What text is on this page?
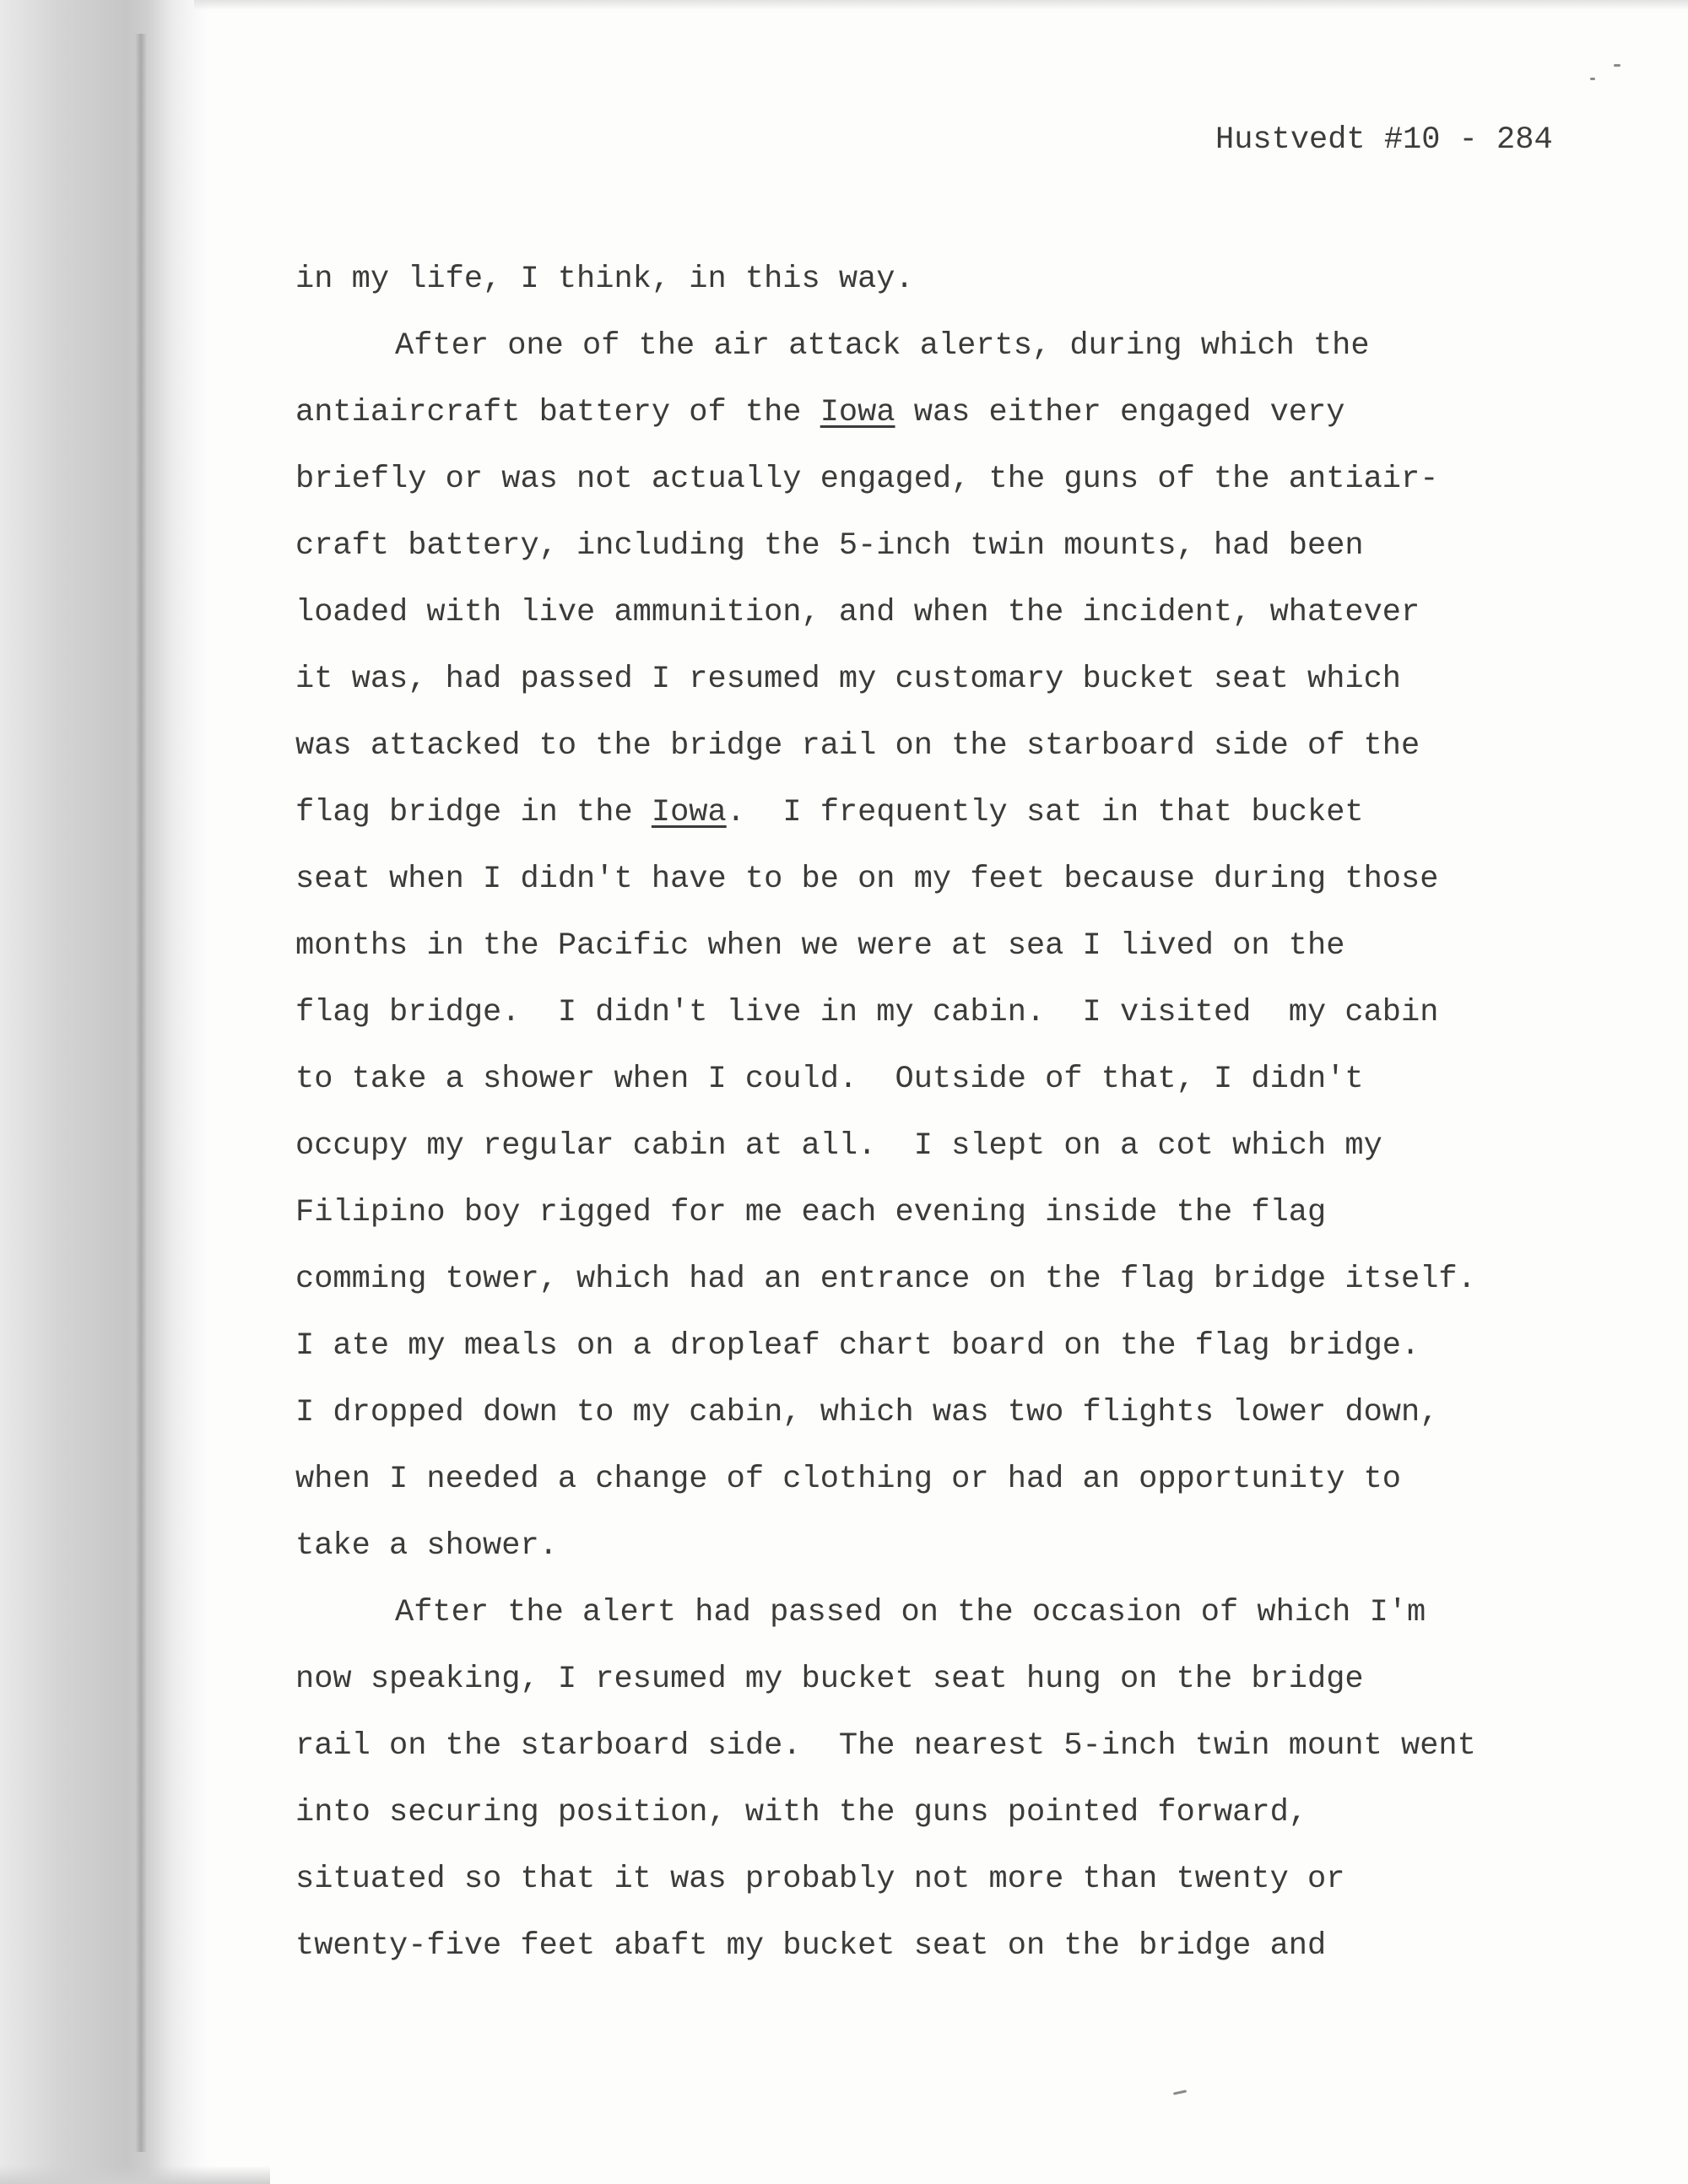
Hustvedt #10 - 284
in my life, I think, in this way.
After one of the air attack alerts, during which the
antiaircraft battery of the Iowa was either engaged very
briefly or was not actually engaged, the guns of the antiair-
craft battery, including the 5-inch twin mounts, had been
loaded with live ammunition, and when the incident, whatever
it was, had passed I resumed my customary bucket seat which
was attacked to the bridge rail on the starboard side of the
flag bridge in the Iowa.  I frequently sat in that bucket
seat when I didn't have to be on my feet because during those
months in the Pacific when we were at sea I lived on the
flag bridge.  I didn't live in my cabin.  I visited  my cabin
to take a shower when I could.  Outside of that, I didn't
occupy my regular cabin at all.  I slept on a cot which my
Filipino boy rigged for me each evening inside the flag
comming tower, which had an entrance on the flag bridge itself.
I ate my meals on a dropleaf chart board on the flag bridge.
I dropped down to my cabin, which was two flights lower down,
when I needed a change of clothing or had an opportunity to
take a shower.
After the alert had passed on the occasion of which I'm
now speaking, I resumed my bucket seat hung on the bridge
rail on the starboard side.  The nearest 5-inch twin mount went
into securing position, with the guns pointed forward,
situated so that it was probably not more than twenty or
twenty-five feet abaft my bucket seat on the bridge and
